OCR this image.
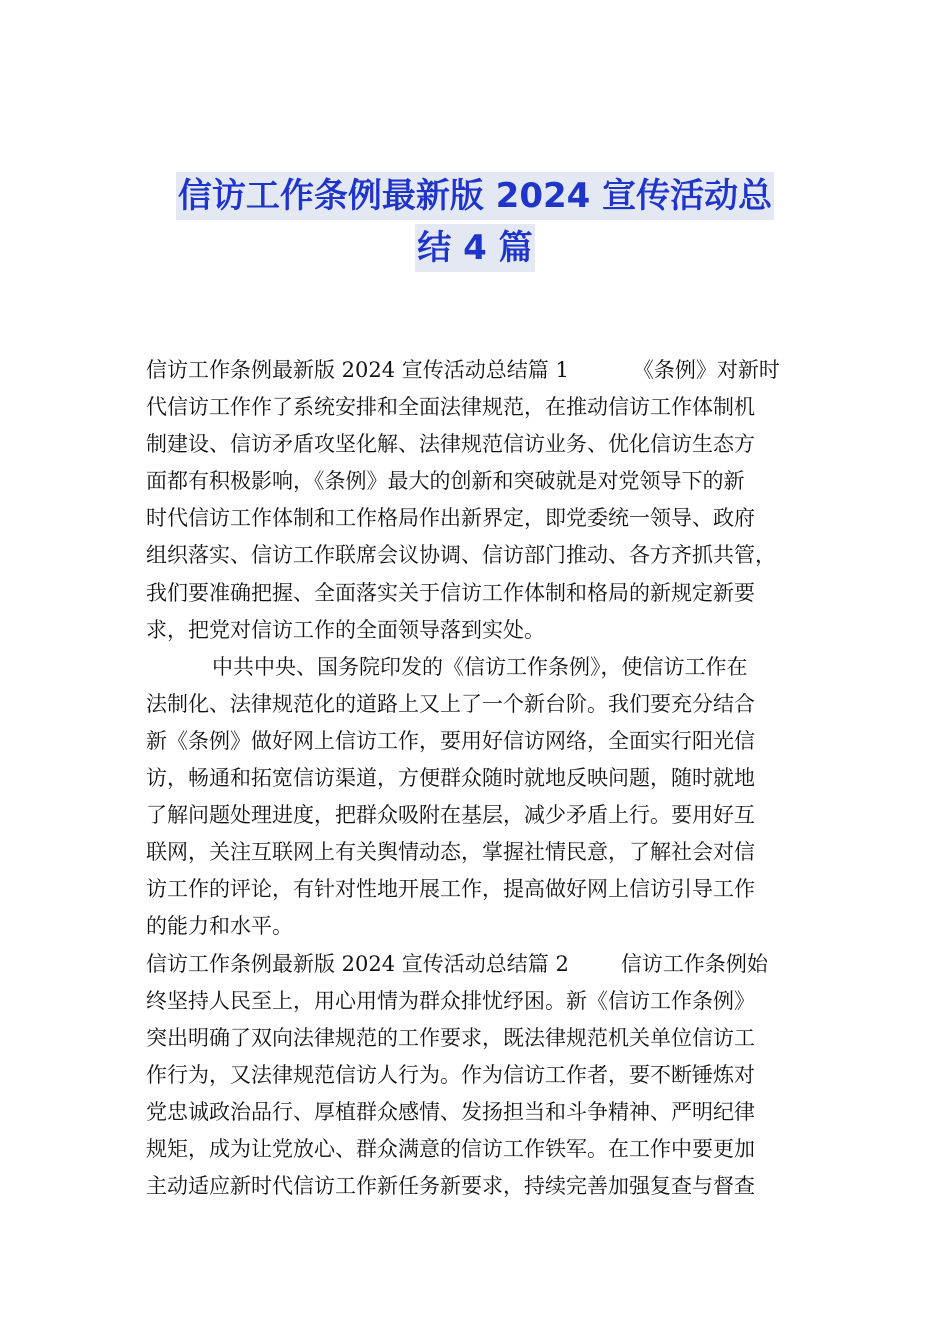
信访工作条例最新版 2024 宣传活动总
结 4 篇

信访工作条例最新版 2024 宣传活动总结篇 1	《条例》对新时
代信访工作作了系统安排和全面法律规范，在推动信访工作体制机
制建设、信访矛盾攻坚化解、法律规范信访业务、优化信访生态方
面都有积极影响，《条例》最大的创新和突破就是对党领导下的新
时代信访工作体制和工作格局作出新界定，即党委统一领导、政府
组织落实、信访工作联席会议协调、信访部门推动、各方齐抓共管，
我们要准确把握、全面落实关于信访工作体制和格局的新规定新要
求，把党对信访工作的全面领导落到实处。

中共中央、国务院印发的《信访工作条例》，使信访工作在
法制化、法律规范化的道路上又上了一个新台阶。我们要充分结合
新《条例》做好网上信访工作，要用好信访网络，全面实行阳光信
访，畅通和拓宽信访渠道，方便群众随时就地反映问题，随时就地
了解问题处理进度，把群众吸附在基层，减少矛盾上行。要用好互
联网，关注互联网上有关舆情动态，掌握社情民意，了解社会对信
访工作的评论，有针对性地开展工作，提高做好网上信访引导工作
的能力和水平。

信访工作条例最新版 2024 宣传活动总结篇 2 信访工作条例始
终坚持人民至上，用心用情为群众排忧纾困。新《信访工作条例》
突出明确了双向法律规范的工作要求，既法律规范机关单位信访工
作行为，又法律规范信访人行为。作为信访工作者，要不断锤炼对
党忠诚政治品行、厚植群众感情、发扬担当和斗争精神、严明纪律
规矩，成为让党放心、群众满意的信访工作铁军。在工作中要更加
主动适应新时代信访工作新任务新要求，持续完善加强复查与督查
